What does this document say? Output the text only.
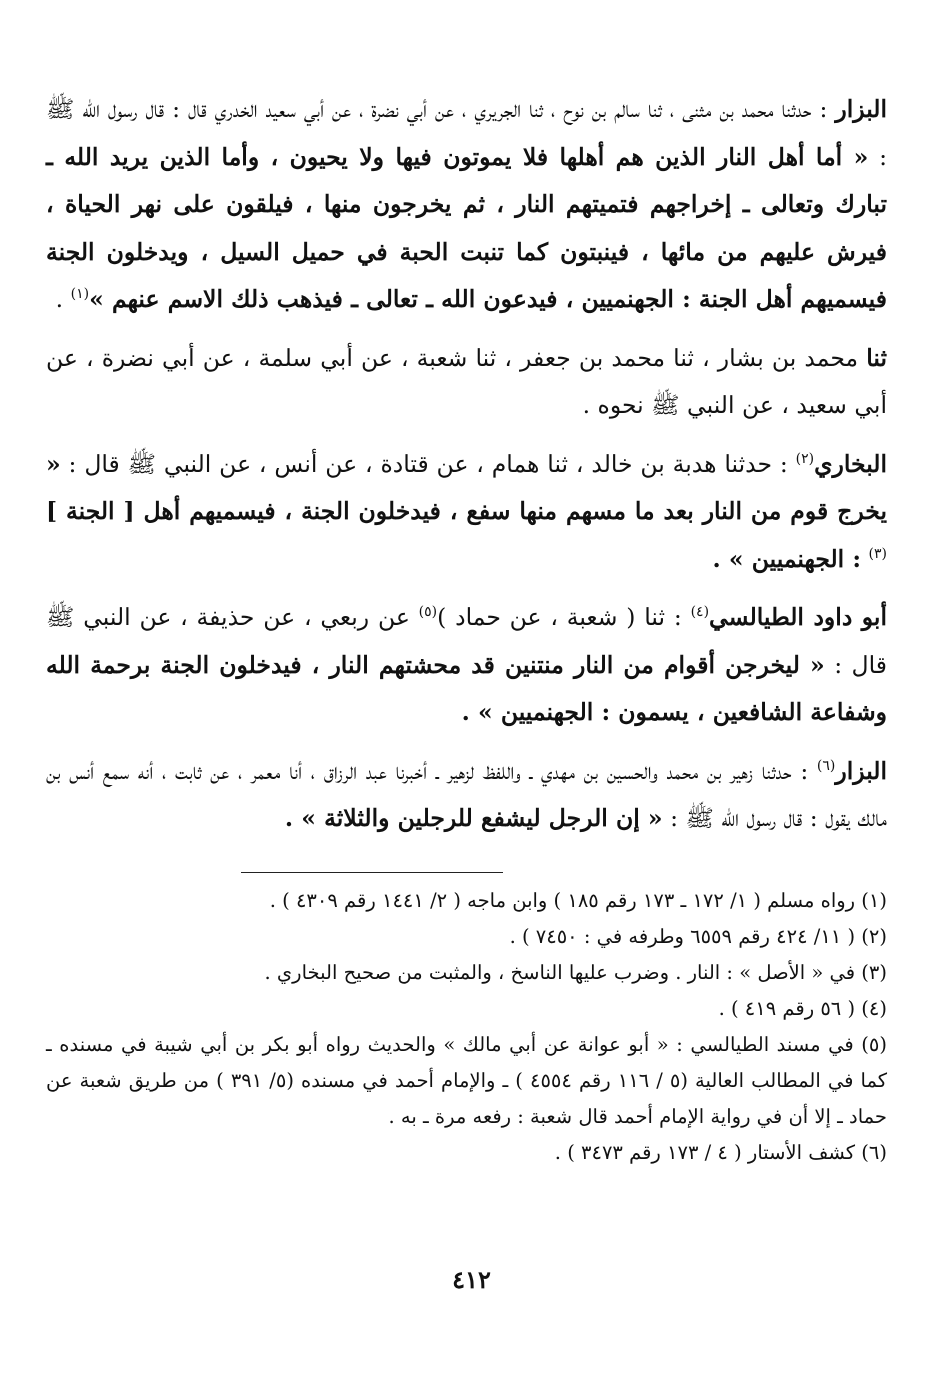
البزار : حدثنا محمد بن مثنى ، ثنا سالم بن نوح ، ثنا الجريري ، عن أبي نضرة ، عن أبي سعيد الخدري قال : قال رسول الله ﷺ : « أما أهل النار الذين هم أهلها فلا يموتون فيها ولا يحيون ، وأما الذين يريد الله ـ تبارك وتعالى ـ إخراجهم فتميتهم النار ، ثم يخرجون منها ، فيلقون على نهر الحياة ، فيرش عليهم من مائها ، فينبتون كما تنبت الحبة في حميل السيل ، ويدخلون الجنة فيسميهم أهل الجنة : الجهنميين ، فيدعون الله ـ تعالى ـ فيذهب ذلك الاسم عنهم »$^{(١)}$ .
ثنا محمد بن بشار ، ثنا محمد بن جعفر ، ثنا شعبة ، عن أبي سلمة ، عن أبي نضرة ، عن أبي سعيد ، عن النبي ﷺ نحوه .
البخاري$^{(٢)}$ : حدثنا هدبة بن خالد ، ثنا همام ، عن قتادة ، عن أنس ، عن النبي ﷺ قال : « يخرج قوم من النار بعد ما مسهم منها سفع ، فيدخلون الجنة ، فيسميهم أهل [ الجنة ]$^{(٣)}$ : الجهنميين » .
أبو داود الطيالسي$^{(٤)}$ : ثنا ( شعبة ، عن حماد )$^{(٥)}$ عن ربعي ، عن حذيفة ، عن النبي ﷺ قال : « ليخرجن أقوام من النار منتنين قد محشتهم النار ، فيدخلون الجنة برحمة الله وشفاعة الشافعين ، يسمون : الجهنميين » .
البزار$^{(٦)}$ : حدثنا زهير بن محمد والحسين بن مهدي ـ واللفظ لزهير ـ أخبرنا عبد الرزاق ، أنا معمر ، عن ثابت ، أنه سمع أنس بن مالك يقول : قال رسول الله ﷺ : « إن الرجل ليشفع للرجلين والثلاثة » .

(١) رواه مسلم ( ١/ ١٧٢ ـ ١٧٣ رقم ١٨٥ ) وابن ماجه ( ٢/ ١٤٤١ رقم ٤٣٠٩ ) .

(٢) ( ١١/ ٤٢٤ رقم ٦٥٥٩ وطرفه في : ٧٤٥٠ ) .

(٣) في « الأصل » : النار . وضرب عليها الناسخ ، والمثبت من صحيح البخاري .

(٤) ( ٥٦ رقم ٤١٩ ) .

(٥) في مسند الطيالسي : « أبو عوانة عن أبي مالك » والحديث رواه أبو بكر بن أبي شيبة في مسنده ـ كما في المطالب العالية (٥ / ١١٦ رقم ٤٥٥٤ ) ـ والإمام أحمد في مسنده (٥/ ٣٩١ ) من طريق شعبة عن حماد ـ إلا أن في رواية الإمام أحمد قال شعبة : رفعه مرة ـ به .

(٦) كشف الأستار ( ٤ / ١٧٣ رقم ٣٤٧٣ ) .

٤١٢
